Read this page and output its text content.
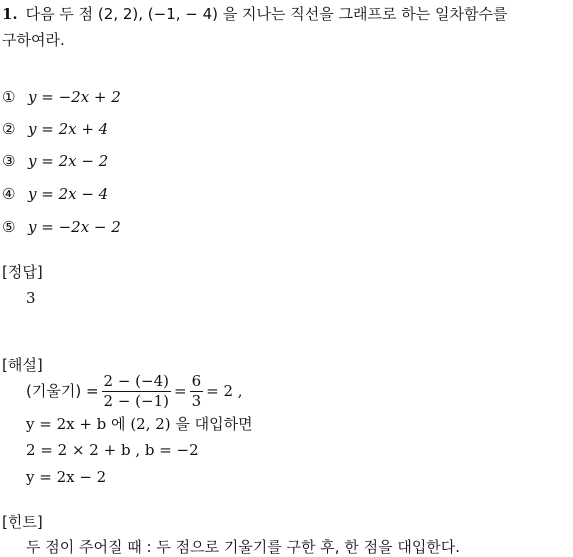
1. 다음 두 점 (2, 2), (−1, − 4) 을 지나는 직선을 그래프로 하는 일차함수를
구하여라.
① y = −2x + 2
② y = 2x + 4
③ y = 2x − 2
④ y = 2x − 4
⑤ y = −2x − 2
[정답]
3
[해설]
(기울기) = $\frac{2 - (-4)}{2 - (-1)} = \frac{6}{3} = 2$ ,
y = 2x + b 에 (2, 2) 을 대입하면
2 = 2 × 2 + b , b = −2
y = 2x − 2
[힌트]
두 점이 주어질 때 : 두 점으로 기울기를 구한 후, 한 점을 대입한다.
